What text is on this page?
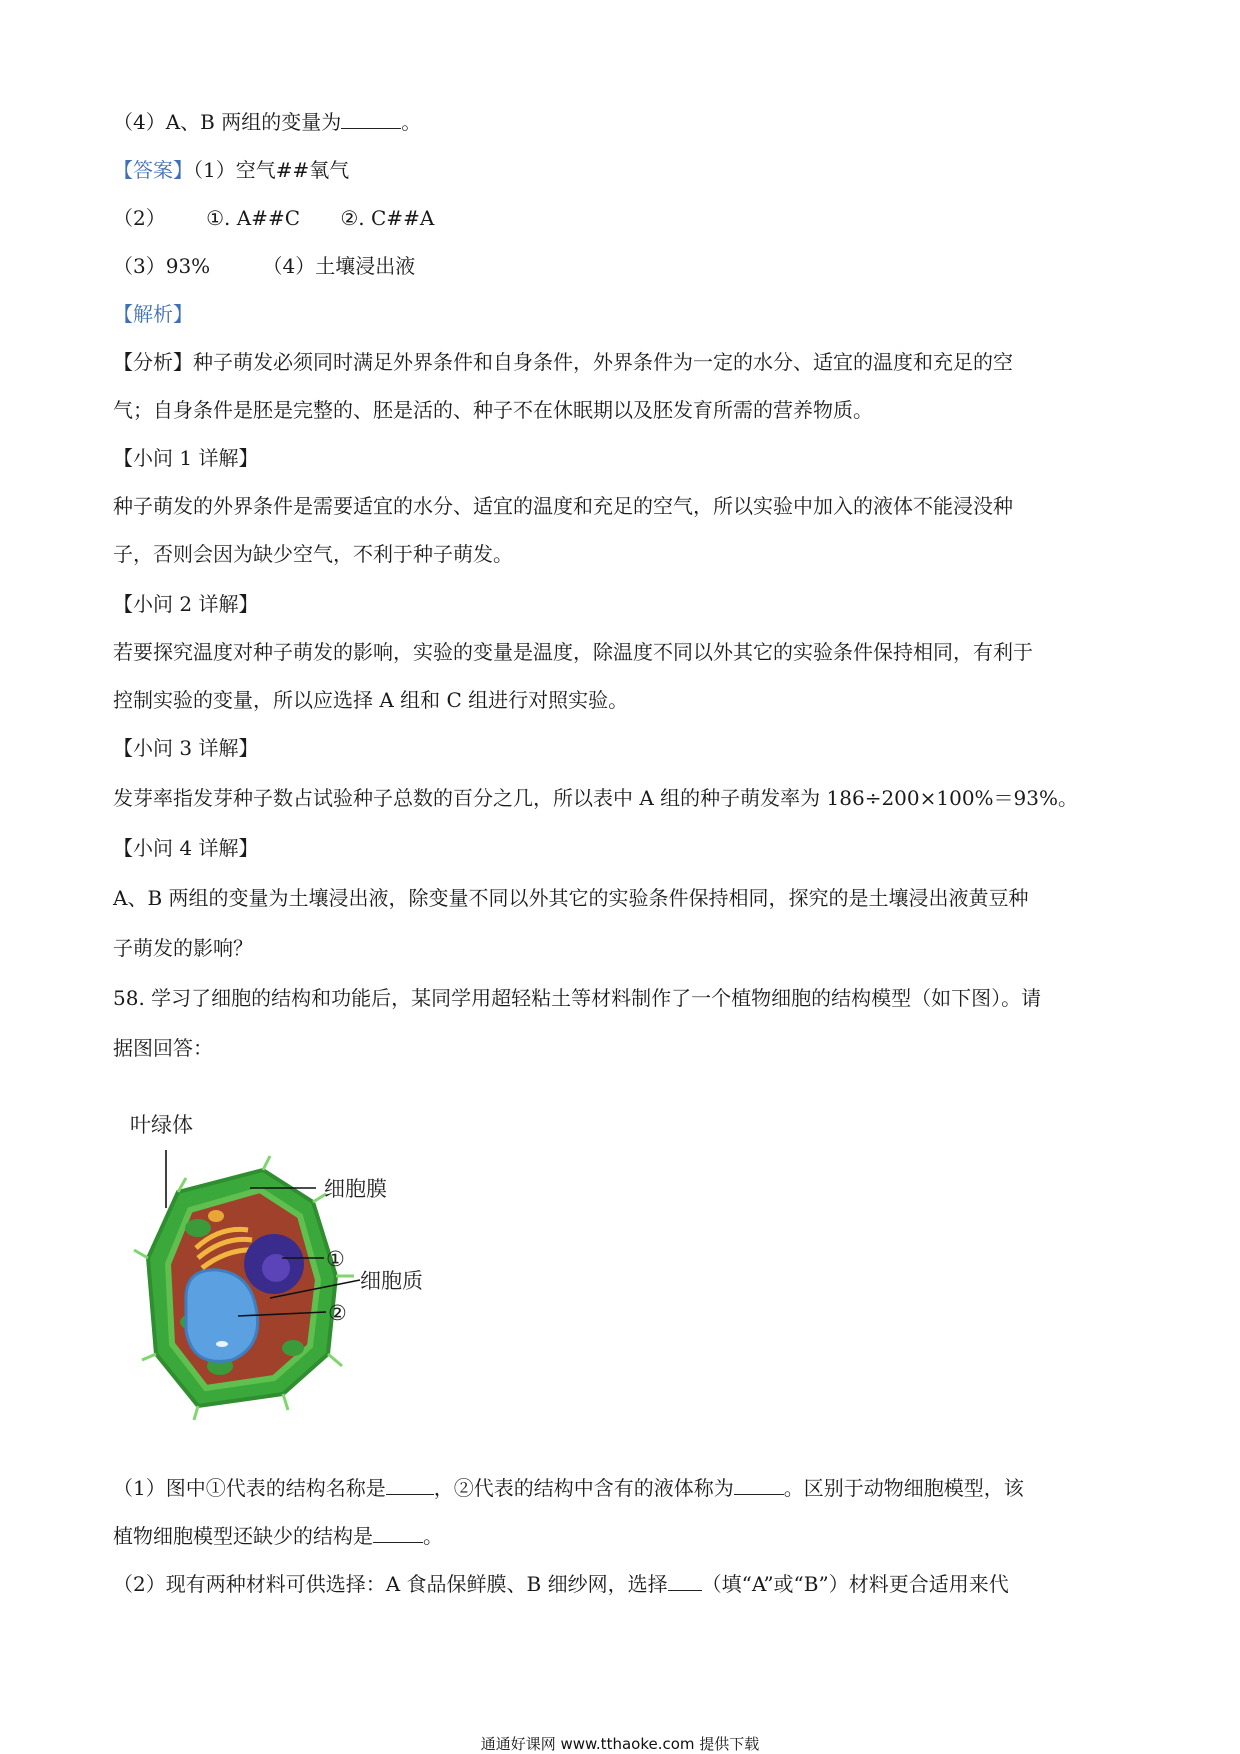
（4）A、B 两组的变量为	。
【答案】（1）空气##氧气
（2） ①. A##C ②. C##A
（3）93%	（4）土壤浸出液
【解析】
【分析】种子萌发必须同时满足外界条件和自身条件，外界条件为一定的水分、适宜的温度和充足的空
气；自身条件是胚是完整的、胚是活的、种子不在休眠期以及胚发育所需的营养物质。
【小问 1 详解】
种子萌发的外界条件是需要适宜的水分、适宜的温度和充足的空气，所以实验中加入的液体不能浸没种
子，否则会因为缺少空气，不利于种子萌发。
【小问 2 详解】
若要探究温度对种子萌发的影响，实验的变量是温度，除温度不同以外其它的实验条件保持相同，有利于
控制实验的变量，所以应选择 A 组和 C 组进行对照实验。
【小问 3 详解】
发芽率指发芽种子数占试验种子总数的百分之几，所以表中 A 组的种子萌发率为 186÷200×100%＝93%。
【小问 4 详解】
A、B 两组的变量为土壤浸出液，除变量不同以外其它的实验条件保持相同，探究的是土壤浸出液黄豆种
子萌发的影响？
58. 学习了细胞的结构和功能后，某同学用超轻粘土等材料制作了一个植物细胞的结构模型（如下图）。请
据图回答：
叶绿体
细胞膜
①
细胞质
②
（1）图中①代表的结构名称是 ，②代表的结构中含有的液体称为	。区别于动物细胞模型，该
植物细胞模型还缺少的结构是	。
（2）现有两种材料可供选择：A 食品保鲜膜、B 细纱网，选择 （填“A”或“B”）材料更合适用来代
通通好课网 www.tthaoke.com 提供下载
